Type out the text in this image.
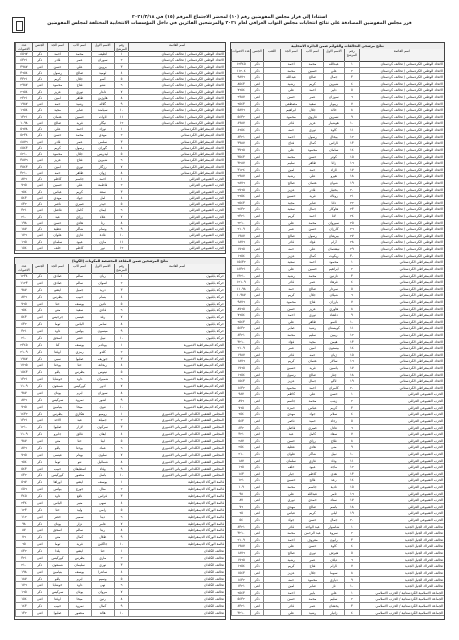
استنادا إلى قرار مجلس المفوضين رقم (١٠) لمحضر الاجتماع المرقم (١٥) في ٢٠٢١/٣/١٨
قرر مجلس المفوضين المصادقة على نتائج انتخابات مجلس النواب العراقي لعام ٢٠٢١ والمرشحين الفائزين في داخل المؤسسات الانتخابية المختلفة لمجلس المفوضين
نتائج مرشحي التحالفات والقوائم ضمن الدائرة الانتخابية
اسم القائمة
رقم المرشح
الاسم الاول
اسم الاب
اسم الجد
اللقب
الجنس
عدد الاصوات
الاتحاد الوطني الكردستاني / تحالف كردستان
١
عبدالله
محمد
احمد
ذكر
١٢٣٤٥
الاتحاد الوطني الكردستاني / تحالف كردستان
٢
علي
حسين
محمد
ذكر
١١٢٠٤
الاتحاد الوطني الكردستاني / تحالف كردستان
٣
جمال
صالح
عبدالله
ذكر
٩٨٧٦
الاتحاد الوطني الكردستاني / تحالف كردستان
٤
شيرين
كريم
رشيد
انثى
٨٥٤٣
الاتحاد الوطني الكردستاني / تحالف كردستان
٥
دلير
احمد
علي
ذكر
٧٦٥٤
الاتحاد الوطني الكردستاني / تحالف كردستان
٦
سوزان
عمر
حسن
انثى
٦٩٨٧
الاتحاد الوطني الكردستاني / تحالف كردستان
٧
ريبوار
سعيد
مصطفى
ذكر
٦٥٤٣
الاتحاد الوطني الكردستاني / تحالف كردستان
٨
خالد
جلال
ابراهيم
ذكر
٥٨٧٦
الاتحاد الوطني الكردستاني / تحالف كردستان
٩
نسرين
فاروق
محمود
انثى
٥٤٣٢
الاتحاد الوطني الكردستاني / تحالف كردستان
١٠
هوشيار
عزيز
قادر
ذكر
٤٩٨٧
الاتحاد الوطني الكردستاني / تحالف كردستان
١١
كاوه
نوري
حمه
ذكر
٤٦٥٤
الاتحاد الوطني الكردستاني / تحالف كردستان
١٢
بيخال
رسول
احمد
انثى
٤٣٢١
الاتحاد الوطني الكردستاني / تحالف كردستان
١٣
ئاراس
كمال
فتاح
ذكر
٣٩٨٧
الاتحاد الوطني الكردستاني / تحالف كردستان
١٤
سامان
محمود
علي
ذكر
٣٧٦٥
الاتحاد الوطني الكردستاني / تحالف كردستان
١٥
كوثر
حسن
محمد
انثى
٣٥٤٣
الاتحاد الوطني الكردستاني / تحالف كردستان
١٦
زانا
طاهر
سليم
ذكر
٣٢٨٧
الاتحاد الوطني الكردستاني / تحالف كردستان
١٧
ئازاد
حمد
امين
ذكر
٣١٢٤
الاتحاد الوطني الكردستاني / تحالف كردستان
١٨
هيرو
علي
رشيد
انثى
٢٩٨٧
الاتحاد الوطني الكردستاني / تحالف كردستان
١٩
شوان
عثمان
صالح
ذكر
٢٨٧٦
الاتحاد الوطني الكردستاني / تحالف كردستان
٢٠
بختيار
قادر
عزيز
ذكر
٢٧٦٥
الاتحاد الوطني الكردستاني / تحالف كردستان
٢١
روناك
فريد
حسين
انثى
٢٦٥٤
الاتحاد الوطني الكردستاني / تحالف كردستان
٢٢
دانا
صابر
مجيد
ذكر
٢٥٤٣
الاتحاد الوطني الكردستاني / تحالف كردستان
٢٣
هاوكار
جمال
سعيد
ذكر
٢٤٣٢
الاتحاد الوطني الكردستاني / تحالف كردستان
٢٤
لانا
احمد
كريم
انثى
٢٣٢١
الاتحاد الوطني الكردستاني / تحالف كردستان
٢٥
سيروان
محمد
علي
ذكر
٢٢١٠
الاتحاد الوطني الكردستاني / تحالف كردستان
٢٦
كارزان
حسن
عمر
ذكر
٢١٠٩
الاتحاد الوطني الكردستاني / تحالف كردستان
٢٧
بيريفان
رسول
صالح
انثى
١٩٨٧
الاتحاد الوطني الكردستاني / تحالف كردستان
٢٨
آرام
فؤاد
قادر
ذكر
١٨٧٦
الاتحاد الوطني الكردستاني / تحالف كردستان
٢٩
نيشتمان
علي
حمه
انثى
١٧٦٥
الاتحاد الوطني الكردستاني / تحالف كردستان
٣٠
ريكوت
كمال
عزيز
ذكر
١٦٥٤
الاتحاد الديمقراطي الكردستاني
١
محمود
احمد
سعيد
ذكر
١٥٤٣٢
الاتحاد الديمقراطي الكردستاني
٢
ابراهيم
حسين
علي
ذكر
١٤٣٢١
الاتحاد الديمقراطي الكردستاني
٣
نازنين
محمد
رشيد
انثى
١٣٢١٠
الاتحاد الديمقراطي الكردستاني
٤
فرهاد
عمر
قادر
ذكر
١٢١٠٩
الاتحاد الديمقراطي الكردستاني
٥
سردار
صالح
حمد
ذكر
١١٠٩٨
الاتحاد الديمقراطي الكردستاني
٦
شيلان
جلال
كريم
انثى
١٠٩٨٧
الاتحاد الديمقراطي الكردستاني
٧
بارزان
فتاح
محمود
ذكر
٩٨٧٦
الاتحاد الديمقراطي الكردستاني
٨
هاوري
عزيز
حسن
ذكر
٨٧٦٥
الاتحاد الديمقراطي الكردستاني
٩
دلشاد
نوري
احمد
ذكر
٧٦٥٤
الاتحاد الديمقراطي الكردستاني
١٠
ئاسو
طاهر
علي
ذكر
٦٥٤٣
الاتحاد الديمقراطي الكردستاني
١١
كويستان
رشيد
صابر
انثى
٥٤٣٢
الاتحاد الديمقراطي الكردستاني
١٢
ريبين
سليم
محمد
ذكر
٤٣٢١
الاتحاد الديمقراطي الكردستاني
١٣
هيمن
مجيد
فؤاد
ذكر
٣٢١٠
الاتحاد الديمقراطي الكردستاني
١٤
بيستون
امين
عمر
ذكر
٢١٠٩
الاتحاد الديمقراطي الكردستاني
١٥
ژيان
حمه
قادر
انثى
١٩٨٧
الاتحاد الديمقراطي الكردستاني
١٦
سالار
عثمان
كريم
ذكر
١٨٧٦
الاتحاد الديمقراطي الكردستاني
١٧
ياسين
فريد
حسين
ذكر
١٧٦٥
الاتحاد الديمقراطي الكردستاني
١٨
چنار
صالح
رسول
انثى
١٦٥٤
الاتحاد الديمقراطي الكردستاني
١٩
ئاكو
جمال
عزيز
ذكر
١٥٤٣
الاتحاد الديمقراطي الكردستاني
٢٠
كامران
احمد
محمود
ذكر
١٤٣٢
الحزب الشيوعي العراقي
١
حسن
علي
كاظم
ذكر
٩٨٧
الحزب الشيوعي العراقي
٢
زينب
محمد
جاسم
انثى
٨٧٦
الحزب الشيوعي العراقي
٣
كريم
عباس
حمزة
ذكر
٧٦٥
الحزب الشيوعي العراقي
٤
سلام
جواد
مهدي
ذكر
٦٥٤
الحزب الشيوعي العراقي
٥
رجاء
حميد
ناصر
انثى
٥٤٣
الحزب الشيوعي العراقي
٦
عادل
صبري
فاضل
ذكر
٤٣٢
الحزب الشيوعي العراقي
٧
سعاد
كامل
عبد
انثى
٣٢١
الحزب الشيوعي العراقي
٨
فلاح
رزاق
حسن
ذكر
٢٨٧
الحزب الشيوعي العراقي
٩
منى
هادي
عطية
انثى
٢٥٤
الحزب الشيوعي العراقي
١٠
نبيل
شاكر
علوان
ذكر
٢١٠
الحزب الشيوعي العراقي
١١
وداد
غازي
سلمان
انثى
١٨٧
الحزب الشيوعي العراقي
١٢
ماجد
عبود
خلف
ذكر
١٦٥
الحزب الشيوعي العراقي
١٣
هدى
كاظم
جبار
انثى
١٤٣
الحزب الشيوعي العراقي
١٤
رعد
فالح
حسين
ذكر
١٢١
الحزب الشيوعي العراقي
١٥
نادية
جاسم
محمد
انثى
١٠٩
الحزب الشيوعي العراقي
١٦
ثامر
عبدالله
علي
ذكر
٩٨
الحزب الشيوعي العراقي
١٧
سناء
حمدي
نوري
انثى
٨٧
الحزب الشيوعي العراقي
١٨
باسم
صالح
مهدي
ذكر
٧٦
الحزب الشيوعي العراقي
١٩
ليلى
كريم
عباس
انثى
٦٥
الحزب الشيوعي العراقي
٢٠
جمال
حسن
جواد
ذكر
٥٤
تحالف الحراك الجيل الجديد
١
شاسوار
عبد الواحد
قادر
ذكر
٤٣٢١
تحالف الحراك الجيل الجديد
٢
سروة
عبد الرحمن
محمد
انثى
٣٢١٠
تحالف الحراك الجيل الجديد
٣
رابون
معروف
احمد
ذكر
٢١٠٩
تحالف الحراك الجيل الجديد
٤
كاوة
حسن
علي
ذكر
١٩٨٧
تحالف الحراك الجيل الجديد
٥
هيرش
نوري
صالح
ذكر
١٨٧٦
تحالف الحراك الجيل الجديد
٦
ديلان
عمر
رشيد
انثى
١٧٦٥
تحالف الحراك الجيل الجديد
٧
ئارام
فتاح
كريم
ذكر
١٦٥٤
تحالف الحراك الجيل الجديد
٨
سوما
جلال
عزيز
انثى
١٥٤٣
تحالف الحراك الجيل الجديد
٩
دياري
محمود
حمه
ذكر
١٤٣٢
تحالف الحراك الجيل الجديد
١٠
ناز
صابر
امين
انثى
١٣٢١
الجماعة الاسلامية الكردستانية / الحزب الاسلامي
١
علي
بابير
احمد
ذكر
٦٥٤٣
الجماعة الاسلامية الكردستانية / الحزب الاسلامي
٢
سليم
محمد
حسن
ذكر
٥٤٣٢
الجماعة الاسلامية الكردستانية / الحزب الاسلامي
٣
پخشان
عمر
قادر
انثى
٤٣٢١
الجماعة الاسلامية الكردستانية / الحزب الاسلامي
٤
زانيار
رشيد
علي
ذكر
٣٢١٠
اسم القائمة
رقم المرشح
الاسم الاول
اسم الاب
اسم الجد
الجنس
عدد الاصوات
الاتحاد الوطني الكردستاني / تحالف كردستان
١
لطيف
محمد
احمد
ذكر
٤٥٦٧
الاتحاد الوطني الكردستاني / تحالف كردستان
٢
سوران
عمر
قادر
ذكر
٤٣٢١
الاتحاد الوطني الكردستاني / تحالف كردستان
٣
بروين
علي
حسن
انثى
٣٩٨٧
الاتحاد الوطني الكردستاني / تحالف كردستان
٤
ئومید
صالح
رسول
ذكر
٣٦٥٤
الاتحاد الوطني الكردستاني / تحالف كردستان
٥
آسو
جلال
كريم
ذكر
٣٣٢١
الاتحاد الوطني الكردستاني / تحالف كردستان
٦
شنو
فتاح
محمود
انثى
٢٩٨٧
الاتحاد الوطني الكردستاني / تحالف كردستان
٧
دلدار
نوري
عزيز
ذكر
٢٦٥٤
الاتحاد الوطني الكردستاني / تحالف كردستان
٨
هاوژين
طاهر
امين
ذكر
٢٣٢١
الاتحاد الوطني الكردستاني / تحالف كردستان
٩
گلاله
رشيد
حمه
انثى
١٩٨٧
الاتحاد الوطني الكردستاني / تحالف كردستان
١٠
سیامند
صابر
مجيد
ذكر
١٦٥٤
الاتحاد الوطني الكردستاني / تحالف كردستان
١١
ئاوات
حسين
عثمان
ذكر
١٣٢١
الاتحاد الوطني الكردستاني / تحالف كردستان
١٢
نیگار
فريد
صالح
انثى
١٠٩٨
الاتحاد الديمقراطي الكردستاني
١
نوزاد
احمد
علي
ذكر
٥٦٧٨
الاتحاد الديمقراطي الكردستاني
٢
مهدي
محمد
حسن
ذكر
٥٢٣٤
الاتحاد الديمقراطي الكردستاني
٣
سلمى
عمر
قادر
انثى
٤٨٧٦
الاتحاد الديمقراطي الكردستاني
٤
گوران
رسول
كريم
ذكر
٤٥٤٣
الاتحاد الديمقراطي الكردستاني
٥
ئیدریس
جلال
محمود
ذكر
٤٢١٠
الاتحاد الديمقراطي الكردستاني
٦
شيرين
فتاح
عزيز
انثى
٣٨٧٦
الاتحاد الديمقراطي الكردستاني
٧
رزگار
نوري
امين
ذكر
٣٥٤٣
الاتحاد الديمقراطي الكردستاني
٨
ژوان
طاهر
حمه
انثى
٣٢١٠
الحزب الشيوعي العراقي
١
احمد
جاسم
كاظم
ذكر
٨٧٦
الحزب الشيوعي العراقي
٢
فاطمة
علي
حسين
انثى
٧٦٥
الحزب الشيوعي العراقي
٣
سعد
كريم
عباس
ذكر
٦٥٤
الحزب الشيوعي العراقي
٤
امل
جواد
مهدي
انثى
٥٤٣
الحزب الشيوعي العراقي
٥
حيدر
صبري
ناصر
ذكر
٤٣٢
الحزب الشيوعي العراقي
٦
ايمان
كامل
فاضل
انثى
٣٢١
الحزب الشيوعي العراقي
٧
علاء
رزاق
عبد
ذكر
٢١٠
الحزب الشيوعي العراقي
٨
رنا
هادي
حسن
انثى
١٩٨
الحزب الشيوعي العراقي
٩
وسام
شاكر
عطية
ذكر
١٨٧
الحزب الشيوعي العراقي
١٠
غادة
غازي
علوان
انثى
١٧٦
الحزب الشيوعي العراقي
١١
مازن
عبود
سلمان
ذكر
١٦٥
الحزب الشيوعي العراقي
١٢
نور
كاظم
خلف
انثى
١٥٤
نتائج المرشحين ضمن المقاعد المخصصة للمكونات (الكوتا)
اسم القائمة
رقم المرشح
الاسم الاول
اسم الاب
اسم الجد
الجنس
عدد الاصوات
حركة بابليون
١
ريان
سالم
صادق
ذكر
١٢٣٤
حركة بابليون
٢
اسوان
سالم
صادق
انثى
١١٢٣
حركة بابليون
٣
دريد
جميل
ايشو
ذكر
٩٨٧
حركة بابليون
٤
بسام
حبيب
بطرس
ذكر
٨٧٦
حركة بابليون
٥
نادين
يوسف
حنا
انثى
٧٦٥
حركة بابليون
٦
فادي
سعيد
متي
ذكر
٦٥٤
حركة بابليون
٧
رغد
عيسى
جرجيس
انثى
٥٤٣
حركة بابليون
٨
سامر
الياس
توما
ذكر
٤٣٢
حركة بابليون
٩
ميسون
بولس
داود
انثى
٣٢١
حركة بابليون
١٠
نبيل
خضر
اسحق
ذكر
٢١٠
الحركة الديمقراطية الاشورية
١
يونادم
يوسف
كنا
ذكر
٢٣٤٥
الحركة الديمقراطية الاشورية
٢
كلدو
رمزي
اوغنا
ذكر
٢١٠٩
الحركة الديمقراطية الاشورية
٣
جوزيف
صليوا
سبي
ذكر
١٩٨٧
الحركة الديمقراطية الاشورية
٤
ريحانة
حنا
يوخنا
انثى
١٧٦٥
الحركة الديمقراطية الاشورية
٥
نينوس
بطرس
ياقو
ذكر
١٥٤٣
الحركة الديمقراطية الاشورية
٦
شميران
داود
خوشابا
انثى
١٣٢١
الحركة الديمقراطية الاشورية
٧
ادور
كوركيس
شمعون
ذكر
١١٠٩
الحركة الديمقراطية الاشورية
٨
سوزان
ابرم
يونان
انثى
٩٨٧
الحركة الديمقراطية الاشورية
٩
اشور
نمرود
سركيس
ذكر
٨٧٦
الحركة الديمقراطية الاشورية
١٠
ننوى
ميخا
بنيامين
انثى
٧٦٥
المجلس الشعبي الكلداني السرياني الاشوري
١
روميو
هكاري
بطرس
ذكر
١٤٣٢
المجلس الشعبي الكلداني السرياني الاشوري
٢
جميلة
عبد
الاحد
انثى
١٣٢١
المجلس الشعبي الكلداني السرياني الاشوري
٣
سركون
لازار
صليوا
ذكر
١٢١٠
المجلس الشعبي الكلداني السرياني الاشوري
٤
ايفان
فائق
جابرو
ذكر
١١٠٩
المجلس الشعبي الكلداني السرياني الاشوري
٥
لينا
حنا
متي
انثى
٩٨٧
المجلس الشعبي الكلداني السرياني الاشوري
٦
عماد
يوحنا
ياقو
ذكر
٨٧٦
المجلس الشعبي الكلداني السرياني الاشوري
٧
سلوى
بهنام
عيسى
انثى
٧٦٥
المجلس الشعبي الكلداني السرياني الاشوري
٨
شمائيل
ننو
توما
ذكر
٦٥٤
المجلس الشعبي الكلداني السرياني الاشوري
٩
وفاء
اسطيفان
حبيب
انثى
٥٤٣
المجلس الشعبي الكلداني السرياني الاشوري
١٠
باسل
منصور
كوركيس
ذكر
٤٣٢
قائمة الوركاء الديمقراطية
١
يوسف
ايشو
اوراها
ذكر
٥٦٧
قائمة الوركاء الديمقراطية
٢
منال
جورج
بولس
انثى
٤٥٦
قائمة الوركاء الديمقراطية
٣
فراس
نافع
داود
ذكر
٣٤٥
قائمة الوركاء الديمقراطية
٤
سهى
منير
الياس
انثى
٢٣٤
قائمة الوركاء الديمقراطية
٥
رامي
وليد
حنا
ذكر
١٢٣
قائمة الوركاء الديمقراطية
٦
دينا
سمير
خضر
انثى
١١٢
قائمة الوركاء الديمقراطية
٧
عامر
نزار
يونان
ذكر
٩٨
قائمة الوركاء الديمقراطية
٨
ريتا
سالم
اسحق
انثى
٨٧
قائمة الوركاء الديمقراطية
٩
طلال
كمال
متي
ذكر
٧٦
قائمة الوركاء الديمقراطية
١٠
جاكلين
فريد
توما
انثى
٦٥
تحالف الكلدان
١
حنا
ايشو
يلدا
ذكر
٤٣٢
تحالف الكلدان
٢
ماري
بطرس
كوركيس
انثى
٣٢١
تحالف الكلدان
٣
نوري
سليمان
شمعون
ذكر
٢١٠
تحالف الكلدان
٤
ساندرا
يوسف
بنيامين
انثى
١٩٨
تحالف الكلدان
٥
وسيم
ابرم
ياقو
ذكر
١٨٧
تحالف الكلدان
٦
نهى
داود
خوشابا
انثى
١٧٦
تحالف الكلدان
٧
مروان
يونان
سركيس
ذكر
١٦٥
تحالف الكلدان
٨
رنين
ميخا
اوغنا
انثى
١٥٤
تحالف الكلدان
٩
كمال
نمرود
حبيب
ذكر
١٤٣
تحالف الكلدان
١٠
هالة
منصور
صليوا
انثى
١٣٢
